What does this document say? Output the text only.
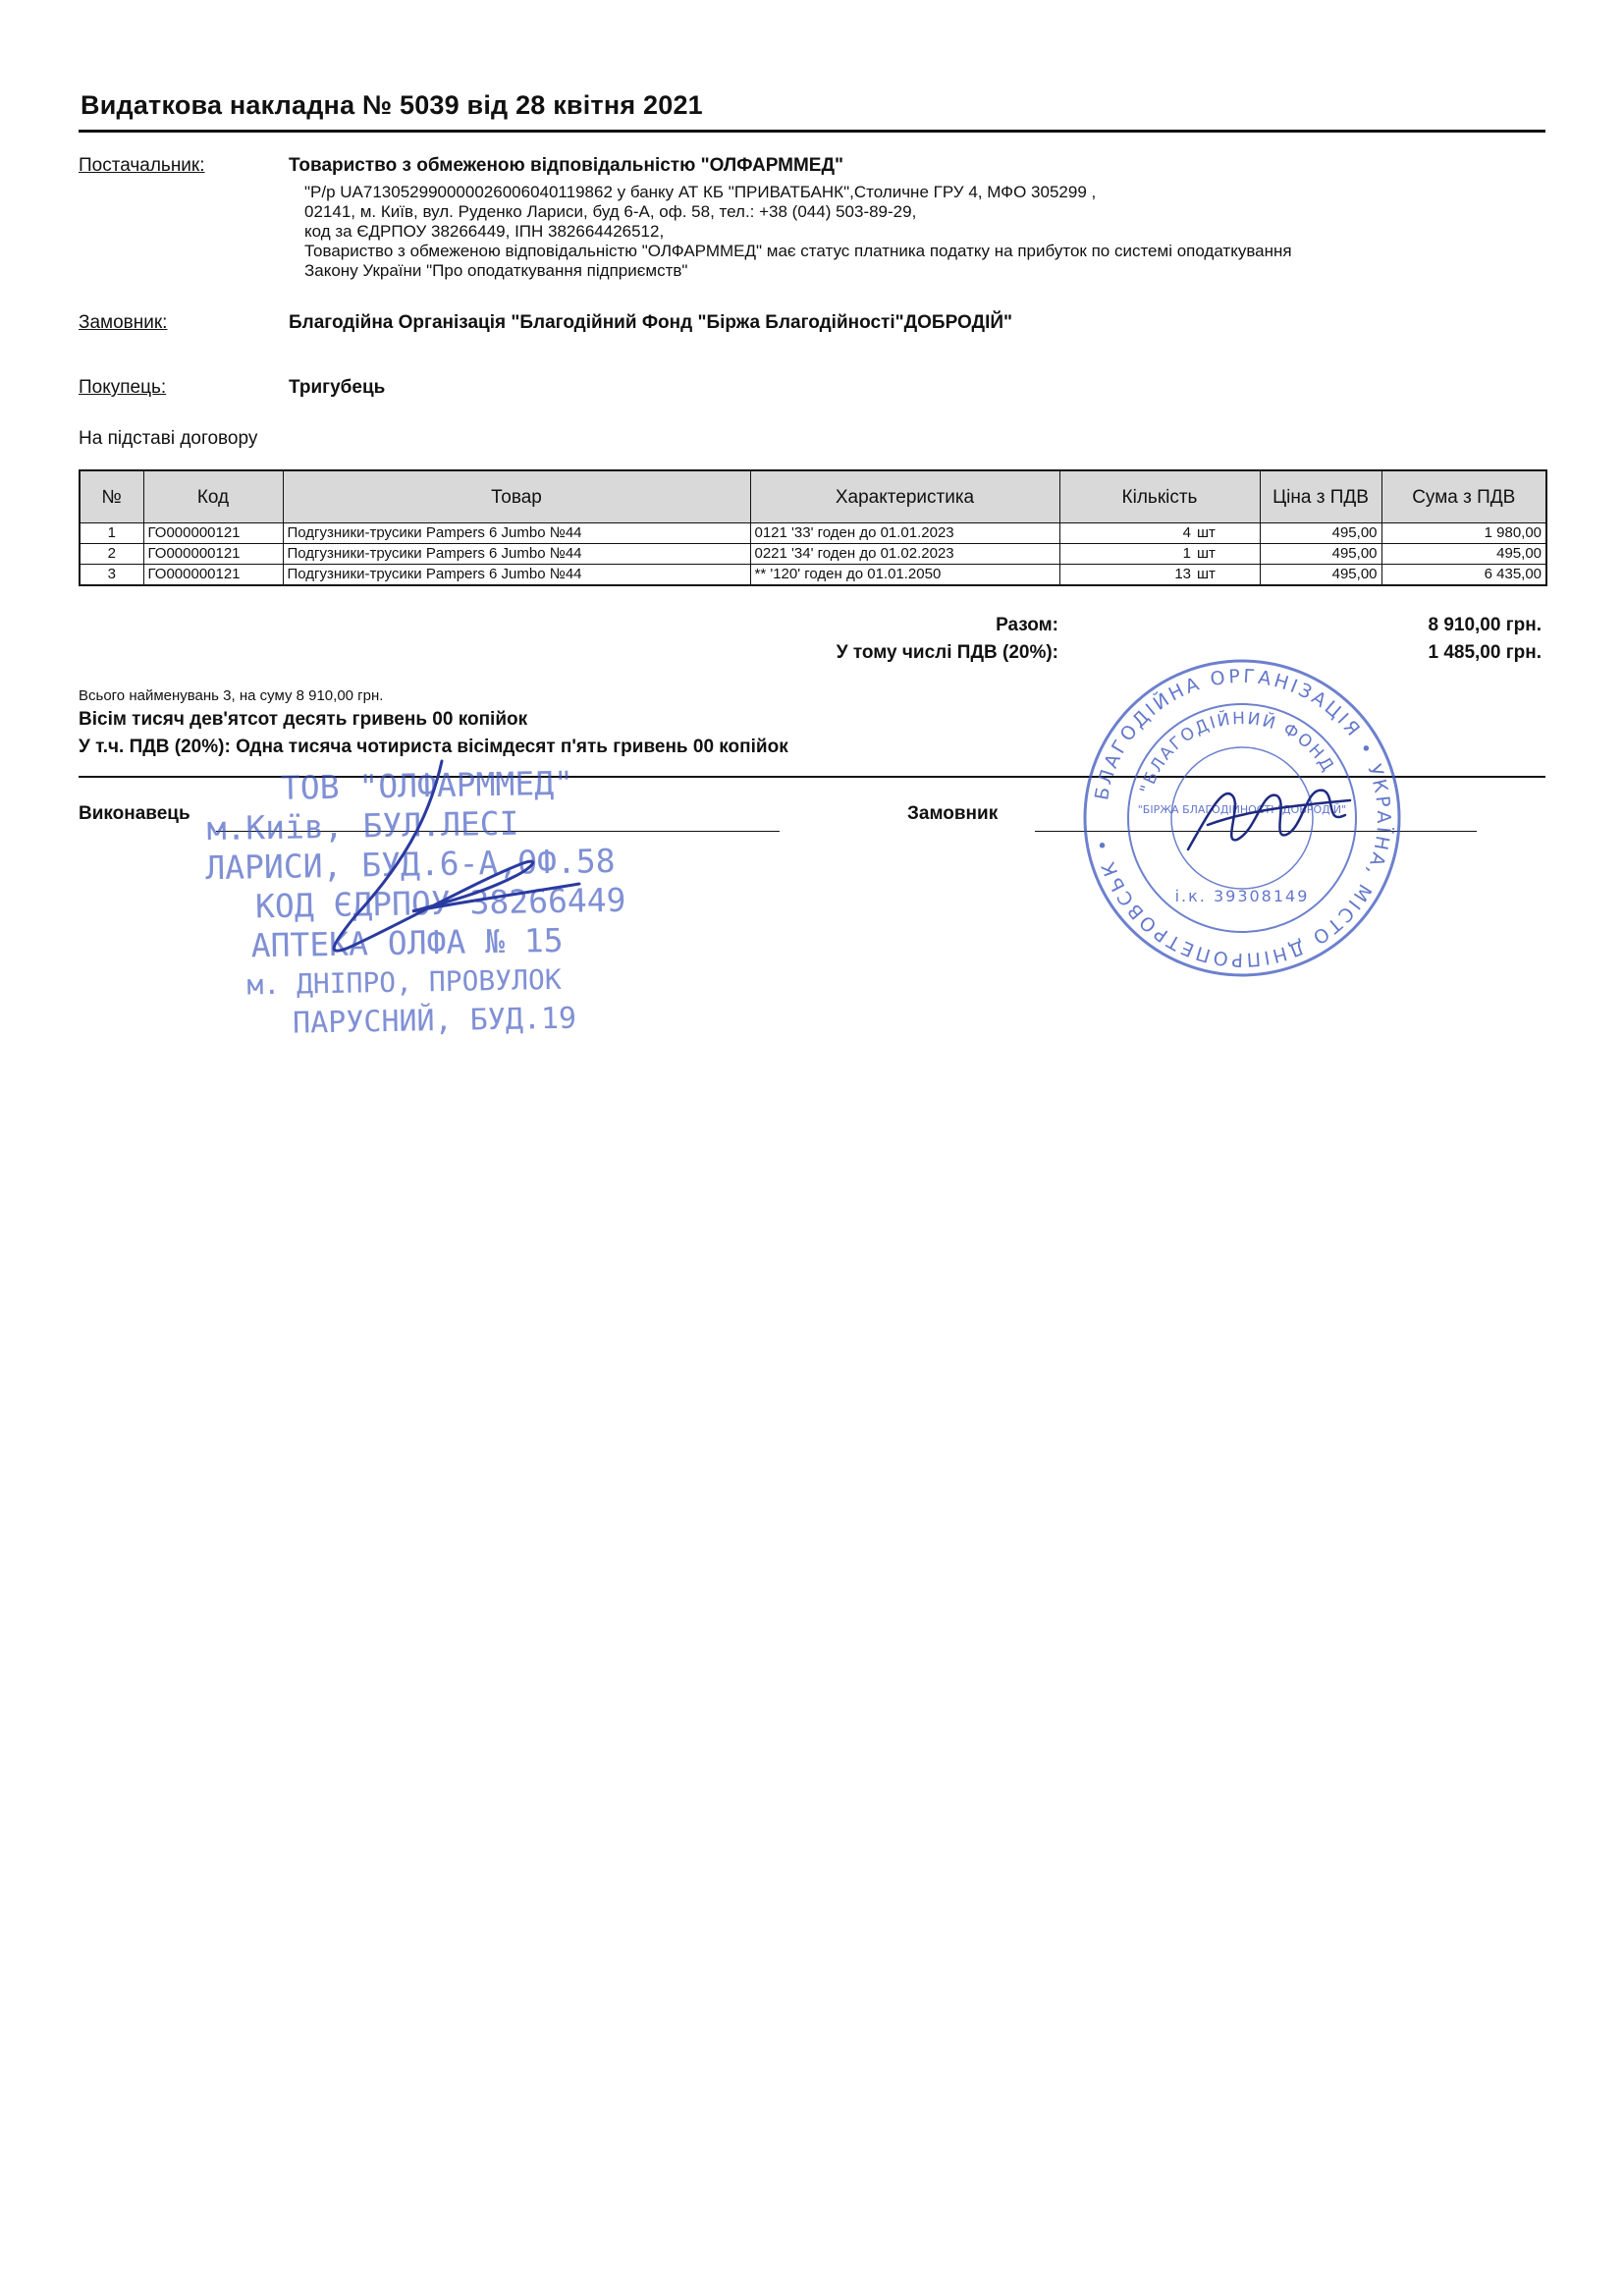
Видаткова накладна № 5039 від 28 квітня 2021
Постачальник:	Товариство з обмеженою відповідальністю "ОЛФАРММЕД"
"Р/р UA713052990000026006040119862 у банку АТ КБ "ПРИВАТБАНК",Столичне ГРУ 4, МФО 305299 ,
02141, м. Київ, вул. Руденко Лариси, буд 6-А, оф. 58, тел.: +38 (044) 503-89-29,
код за ЄДРПОУ 38266449, ІПН 382664426512,
Товариство з обмеженою відповідальністю "ОЛФАРММЕД" має статус платника податку на прибуток по системі оподаткування
Закону України "Про оподаткування підприємств"
Замовник:	Благодійна Організація "Благодійний Фонд "Біржа Благодійності"ДОБРОДІЙ"
Покупець:	Тригубець
На підставі договору
№	Код	Товар	Характеристика	Кількість		Ціна з ПДВ	Сума з ПДВ
1	ГО000000121	Подгузники-трусики Pampers 6 Jumbo №44	0121 '33' годен до 01.01.2023	4	шт	495,00	1 980,00
2	ГО000000121	Подгузники-трусики Pampers 6 Jumbo №44	0221 '34' годен до 01.02.2023	1	шт	495,00	495,00
3	ГО000000121	Подгузники-трусики Pampers 6 Jumbo №44	** '120' годен до 01.01.2050	13	шт	495,00	6 435,00
Разом:	8 910,00 грн.
У тому числі ПДВ (20%):	1 485,00 грн.
Всього найменувань 3, на суму 8 910,00 грн.
Вісім тисяч дев'ятсот десять гривень 00 копійок
У т.ч. ПДВ (20%): Одна тисяча чотириста вісімдесят п'ять гривень 00 копійок
Виконавець	Замовник
ТОВ "ОЛФАРММЕД"
м.Київ, БУЛ.ЛЕСІ
ЛАРИСИ, БУД.6-А,ОФ.58
КОД ЄДРПОУ 38266449
АПТЕКА ОЛФА № 15
м. ДНІПРО, ПРОВУЛОК
ПАРУСНИЙ, БУД.19
БЛАГОДІЙНА ОРГАНІЗАЦІЯ • УКРАЇНА, МІСТО ДНІПРОПЕТРОВСЬК •
"БЛАГОДІЙНИЙ ФОНД
"БІРЖА БЛАГОДІЙНОСТІ "ДОБРОДІЙ"
і.к. 39308149
